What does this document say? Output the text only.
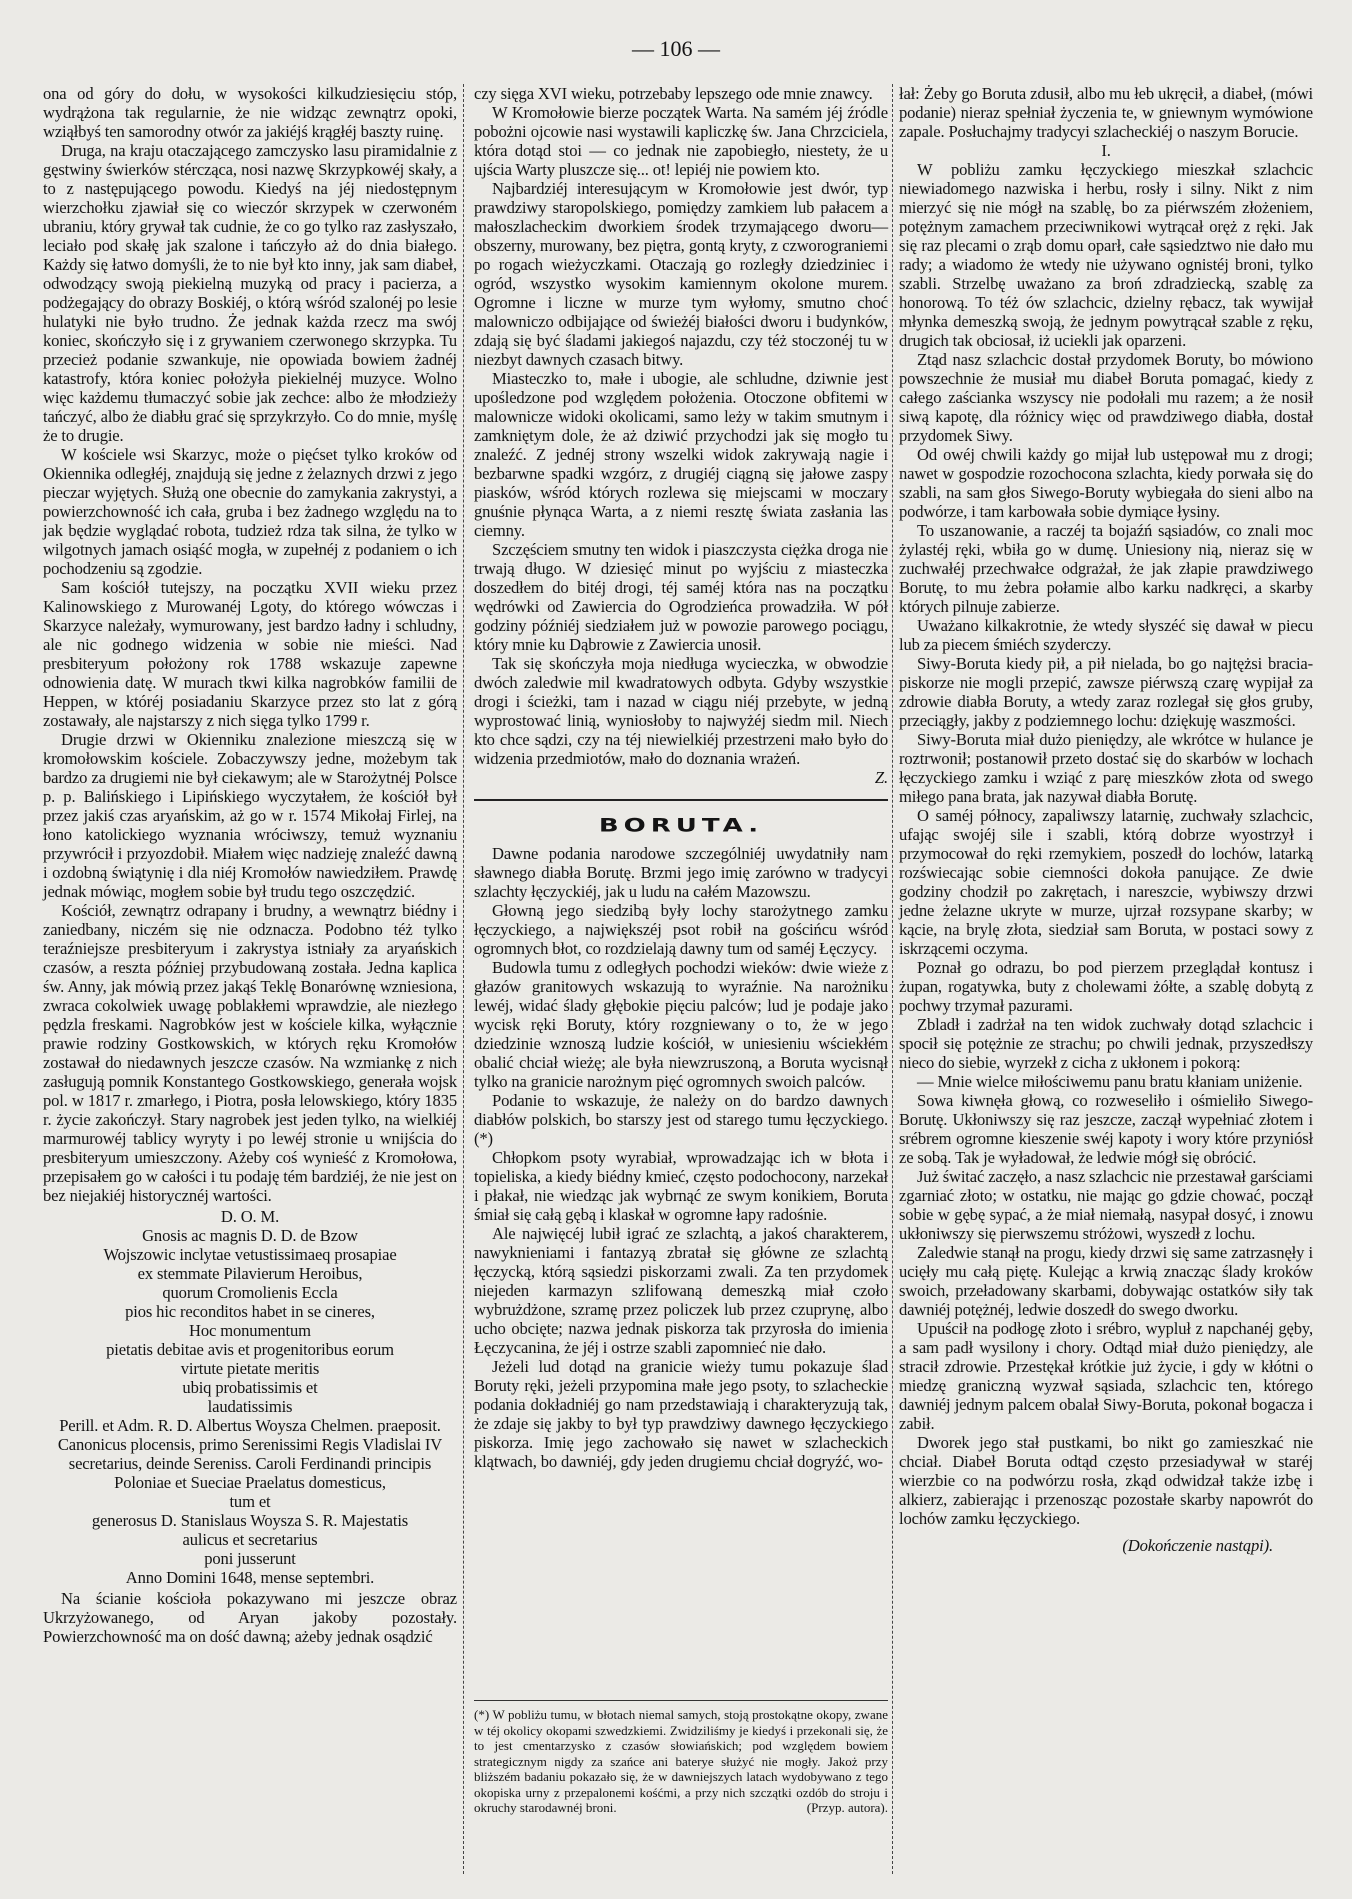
— 106 —

ona od góry do dołu, w wysokości kilkudziesięciu stóp, wydrążona tak regularnie, że nie widząc zewnątrz opoki, wziąłbyś ten samorodny otwór za jakiéjś krągłéj baszty ruinę.

Druga, na kraju otaczającego zamczysko lasu piramidalnie z gęstwiny świerków stércząca, nosi nazwę Skrzypkowéj skały, a to z następującego powodu. Kiedyś na jéj niedostępnym wierzchołku zjawiał się co wieczór skrzypek w czerwoném ubraniu, który grywał tak cudnie, że co go tylko raz zasłyszało, leciało pod skałę jak szalone i tańczyło aż do dnia białego. Każdy się łatwo domyśli, że to nie był kto inny, jak sam diabeł, odwodzący swoją piekielną muzyką od pracy i pacierza, a podżegający do obrazy Boskiéj, o którą wśród szalonéj po lesie hulatyki nie było trudno. Że jednak każda rzecz ma swój koniec, skończyło się i z grywaniem czerwonego skrzypka. Tu przecież podanie szwankuje, nie opowiada bowiem żadnéj katastrofy, która koniec położyła piekielnéj muzyce. Wolno więc każdemu tłumaczyć sobie jak zechce: albo że młodzieży tańczyć, albo że diabłu grać się sprzykrzyło. Co do mnie, myślę że to drugie.

W kościele wsi Skarzyc, może o pięćset tylko kroków od Okiennika odległéj, znajdują się jedne z żelaznych drzwi z jego pieczar wyjętych. Służą one obecnie do zamykania zakrystyi, a powierzchowność ich cała, gruba i bez żadnego względu na to jak będzie wyglądać robota, tudzież rdza tak silna, że tylko w wilgotnych jamach osiąść mogła, w zupełnéj z podaniem o ich pochodzeniu są zgodzie.

Sam kościół tutejszy, na początku XVII wieku przez Kalinowskiego z Murowanéj Lgoty, do którego wówczas i Skarzyce należały, wymurowany, jest bardzo ładny i schludny, ale nic godnego widzenia w sobie nie mieści. Nad presbiteryum położony rok 1788 wskazuje zapewne odnowienia datę. W murach tkwi kilka nagrobków familii de Heppen, w któréj posiadaniu Skarzyce przez sto lat z górą zostawały, ale najstarszy z nich sięga tylko 1799 r.

Drugie drzwi w Okienniku znalezione mieszczą się w kromołowskim kościele. Zobaczywszy jedne, możebym tak bardzo za drugiemi nie był ciekawym; ale w Starożytnéj Polsce p. p. Balińskiego i Lipińskiego wyczytałem, że kościół był przez jakiś czas aryańskim, aż go w r. 1574 Mikołaj Firlej, na łono katolickiego wyznania wróciwszy, temuż wyznaniu przywrócił i przyozdobił. Miałem więc nadzieję znaleźć dawną i ozdobną świątynię i dla niéj Kromołów nawiedziłem. Prawdę jednak mówiąc, mogłem sobie był trudu tego oszczędzić.

Kościół, zewnątrz odrapany i brudny, a wewnątrz biédny i zaniedbany, niczém się nie odznacza. Podobno téż tylko teraźniejsze presbiteryum i zakrystya istniały za aryańskich czasów, a reszta później przybudowaną została. Jedna kaplica św. Anny, jak mówią przez jakąś Teklę Bonarównę wzniesiona, zwraca cokolwiek uwagę poblakłemi wprawdzie, ale niezłego pędzla freskami. Nagrobków jest w kościele kilka, wyłącznie prawie rodziny Gostkowskich, w których ręku Kromołów zostawał do niedawnych jeszcze czasów. Na wzmiankę z nich zasługują pomnik Konstantego Gostkowskiego, generała wojsk pol. w 1817 r. zmarłego, i Piotra, posła lelowskiego, który 1835 r. życie zakończył. Stary nagrobek jest jeden tylko, na wielkiéj marmurowéj tablicy wyryty i po lewéj stronie u wnijścia do presbiteryum umieszczony. Ażeby coś wynieść z Kromołowa, przepisałem go w całości i tu podaję tém bardziéj, że nie jest on bez niejakiéj historycznéj wartości.

D. O. M.

Gnosis ac magnis D. D. de Bzow

Wojszowic inclytae vetustissimaeq prosapiae

ex stemmate Pilavierum Heroibus,

quorum Cromolienis Eccla

pios hic reconditos habet in se cineres,

Hoc monumentum

pietatis debitae avis et progenitoribus eorum

virtute pietate meritis

ubiq probatissimis et

laudatissimis

Perill. et Adm. R. D. Albertus Woysza Chelmen. praeposit.

Canonicus plocensis, primo Serenissimi Regis Vladislai IV

secretarius, deinde Sereniss. Caroli Ferdinandi principis

Poloniae et Sueciae Praelatus domesticus,

tum et

generosus D. Stanislaus Woysza S. R. Majestatis

aulicus et secretarius

poni jusserunt

Anno Domini 1648, mense septembri.

Na ścianie kościoła pokazywano mi jeszcze obraz Ukrzyżowanego, od Aryan jakoby pozostały. Powierzchowność ma on dość dawną; ażeby jednak osądzić

czy sięga XVI wieku, potrzebaby lepszego ode mnie znawcy.

W Kromołowie bierze początek Warta. Na samém jéj źródle pobożni ojcowie nasi wystawili kapliczkę św. Jana Chrzciciela, która dotąd stoi — co jednak nie zapobiegło, niestety, że u ujścia Warty pluszcze się... ot! lepiéj nie powiem kto.

Najbardziéj interesującym w Kromołowie jest dwór, typ prawdziwy staropolskiego, pomiędzy zamkiem lub pałacem a małoszlacheckim dworkiem środek trzymającego dworu—obszerny, murowany, bez piętra, gontą kryty, z czworograniemi po rogach wieżyczkami. Otaczają go rozległy dziedziniec i ogród, wszystko wysokim kamiennym okolone murem. Ogromne i liczne w murze tym wyłomy, smutno choć malowniczo odbijające od świeżéj białości dworu i budynków, zdają się być śladami jakiegoś najazdu, czy téż stoczonéj tu w niezbyt dawnych czasach bitwy.

Miasteczko to, małe i ubogie, ale schludne, dziwnie jest upośledzone pod względem położenia. Otoczone obfitemi w malownicze widoki okolicami, samo leży w takim smutnym i zamkniętym dole, że aż dziwić przychodzi jak się mogło tu znaleźć. Z jednéj strony wszelki widok zakrywają nagie i bezbarwne spadki wzgórz, z drugiéj ciągną się jałowe zaspy piasków, wśród których rozlewa się miejscami w moczary gnuśnie płynąca Warta, a z niemi resztę świata zasłania las ciemny.

Szczęściem smutny ten widok i piaszczysta ciężka droga nie trwają długo. W dziesięć minut po wyjściu z miasteczka doszedłem do bitéj drogi, téj saméj która nas na początku wędrówki od Zawiercia do Ogrodzieńca prowadziła. W pół godziny późniéj siedziałem już w powozie parowego pociągu, który mnie ku Dąbrowie z Zawiercia unosił.

Tak się skończyła moja niedługa wycieczka, w obwodzie dwóch zaledwie mil kwadratowych odbyta. Gdyby wszystkie drogi i ścieżki, tam i nazad w ciągu niéj przebyte, w jedną wyprostować linią, wyniosłoby to najwyżéj siedm mil. Niech kto chce sądzi, czy na téj niewielkiéj przestrzeni mało było do widzenia przedmiotów, mało do doznania wrażeń.

Z.

BORUTA.

Dawne podania narodowe szczególniéj uwydatniły nam sławnego diabła Borutę. Brzmi jego imię zarówno w tradycyi szlachty łęczyckiéj, jak u ludu na całém Mazowszu.

Głowną jego siedzibą były lochy starożytnego zamku łęczyckiego, a największéj psot robił na gościńcu wśród ogromnych błot, co rozdzielają dawny tum od saméj Łęczycy.

Budowla tumu z odległych pochodzi wieków: dwie wieże z głazów granitowych wskazują to wyraźnie. Na narożniku lewéj, widać ślady głębokie pięciu palców; lud je podaje jako wycisk ręki Boruty, który rozgniewany o to, że w jego dziedzinie wznoszą ludzie kościół, w uniesieniu wściekłém obalić chciał wieżę; ale była niewzruszoną, a Boruta wycisnął tylko na granicie narożnym pięć ogromnych swoich palców.

Podanie to wskazuje, że należy on do bardzo dawnych diabłów polskich, bo starszy jest od starego tumu łęczyckiego.(*)

Chłopkom psoty wyrabiał, wprowadzając ich w błota i topieliska, a kiedy biédny kmieć, często podochocony, narzekał i płakał, nie wiedząc jak wybrnąć ze swym konikiem, Boruta śmiał się całą gębą i klaskał w ogromne łapy radośnie.

Ale najwięcéj lubił igrać ze szlachtą, a jakoś charakterem, nawyknieniami i fantazyą zbratał się główne ze szlachtą łęczycką, którą sąsiedzi piskorzami zwali. Za ten przydomek niejeden karmazyn szlifowaną demeszką miał czoło wybrużdżone, szramę przez policzek lub przez czuprynę, albo ucho obcięte; nazwa jednak piskorza tak przyrosła do imienia Łęczycanina, że jéj i ostrze szabli zapomnieć nie dało.

Jeżeli lud dotąd na granicie wieży tumu pokazuje ślad Boruty ręki, jeżeli przypomina małe jego psoty, to szlacheckie podania dokładniéj go nam przedstawiają i charakteryzują tak, że zdaje się jakby to był typ prawdziwy dawnego łęczyckiego piskorza. Imię jego zachowało się nawet w szlacheckich klątwach, bo dawniéj, gdy jeden drugiemu chciał dogryźć, wo-

(*) W pobliżu tumu, w błotach niemal samych, stoją prostokątne okopy, zwane w téj okolicy okopami szwedzkiemi. Zwidziliśmy je kiedyś i przekonali się, że to jest cmentarzysko z czasów słowiańskich; pod względem bowiem strategicznym nigdy za szańce ani baterye służyć nie mogły. Jakoż przy bliższém badaniu pokazało się, że w dawniejszych latach wydobywano z tego okopiska urny z przepalonemi kośćmi, a przy nich szczątki ozdób do stroju i okruchy starodawnéj broni.	(Przyp. autora).

łał: Żeby go Boruta zdusił, albo mu łeb ukręcił, a diabeł, (mówi podanie) nieraz spełniał życzenia te, w gniewnym wymówione zapale. Posłuchajmy tradycyi szlacheckiéj o naszym Borucie.

I.

W pobliżu zamku łęczyckiego mieszkał szlachcic niewiadomego nazwiska i herbu, rosły i silny. Nikt z nim mierzyć się nie mógł na szablę, bo za piérwszém złożeniem, potężnym zamachem przeciwnikowi wytrącał oręż z ręki. Jak się raz plecami o zrąb domu oparł, całe sąsiedztwo nie dało mu rady; a wiadomo że wtedy nie używano ognistéj broni, tylko szabli. Strzelbę uważano za broń zdradziecką, szablę za honorową. To téż ów szlachcic, dzielny rębacz, tak wywijał młynka demeszką swoją, że jednym powytrącał szable z ręku, drugich tak obciosał, iż uciekli jak oparzeni.

Ztąd nasz szlachcic dostał przydomek Boruty, bo mówiono powszechnie że musiał mu diabeł Boruta pomagać, kiedy z całego zaścianka wszyscy nie podołali mu razem; a że nosił siwą kapotę, dla różnicy więc od prawdziwego diabła, dostał przydomek Siwy.

Od owéj chwili każdy go mijał lub ustępował mu z drogi; nawet w gospodzie rozochocona szlachta, kiedy porwała się do szabli, na sam głos Siwego-Boruty wybiegała do sieni albo na podwórze, i tam karbowała sobie dymiące łysiny.

To uszanowanie, a raczéj ta bojaźń sąsiadów, co znali moc żylastéj ręki, wbiła go w dumę. Uniesiony nią, nieraz się w zuchwałéj przechwałce odgrażał, że jak złapie prawdziwego Borutę, to mu żebra połamie albo karku nadkręci, a skarby których pilnuje zabierze.

Uważano kilkakrotnie, że wtedy słyszéć się dawał w piecu lub za piecem śmiéch szyderczy.

Siwy-Boruta kiedy pił, a pił nielada, bo go najtężsi bracia-piskorze nie mogli przepić, zawsze piérwszą czarę wypijał za zdrowie diabła Boruty, a wtedy zaraz rozlegał się głos gruby, przeciągły, jakby z podziemnego lochu: dziękuję waszmości.

Siwy-Boruta miał dużo pieniędzy, ale wkrótce w hulance je roztrwonił; postanowił przeto dostać się do skarbów w lochach łęczyckiego zamku i wziąć z parę mieszków złota od swego miłego pana brata, jak nazywał diabła Borutę.

O saméj północy, zapaliwszy latarnię, zuchwały szlachcic, ufając swojéj sile i szabli, którą dobrze wyostrzył i przymocował do ręki rzemykiem, poszedł do lochów, latarką rozświecając sobie ciemności dokoła panujące. Ze dwie godziny chodził po zakrętach, i nareszcie, wybiwszy drzwi jedne żelazne ukryte w murze, ujrzał rozsypane skarby; w kącie, na brylę złota, siedział sam Boruta, w postaci sowy z iskrzącemi oczyma.

Poznał go odrazu, bo pod pierzem przeglądał kontusz i żupan, rogatywka, buty z cholewami żółte, a szablę dobytą z pochwy trzymał pazurami.

Zbladł i zadrżał na ten widok zuchwały dotąd szlachcic i spocił się potężnie ze strachu; po chwili jednak, przyszedłszy nieco do siebie, wyrzekł z cicha z ukłonem i pokorą:

— Mnie wielce miłościwemu panu bratu kłaniam uniżenie.

Sowa kiwnęła głową, co rozweseliło i ośmieliło Siwego-Borutę. Ukłoniwszy się raz jeszcze, zaczął wypełniać złotem i srébrem ogromne kieszenie swéj kapoty i wory które przyniósł ze sobą. Tak je wyładował, że ledwie mógł się obrócić.

Już świtać zaczęło, a nasz szlachcic nie przestawał garściami zgarniać złoto; w ostatku, nie mając go gdzie chować, począł sobie w gębę sypać, a że miał niemałą, nasypał dosyć, i znowu ukłoniwszy się pierwszemu stróżowi, wyszedł z lochu.

Zaledwie stanął na progu, kiedy drzwi się same zatrzasnęły i ucięły mu całą piętę. Kulejąc a krwią znacząc ślady kroków swoich, przeładowany skarbami, dobywając ostatków siły tak dawniéj potężnéj, ledwie doszedł do swego dworku.

Upuścił na podłogę złoto i srébro, wypluł z napchanéj gęby, a sam padł wysilony i chory. Odtąd miał dużo pieniędzy, ale stracił zdrowie. Przestękał krótkie już życie, i gdy w kłótni o miedzę graniczną wyzwał sąsiada, szlachcic ten, którego dawniéj jednym palcem obalał Siwy-Boruta, pokonał bogacza i zabił.

Dworek jego stał pustkami, bo nikt go zamieszkać nie chciał. Diabeł Boruta odtąd często przesiadywał w staréj wierzbie co na podwórzu rosła, zkąd odwidzał także izbę i alkierz, zabierając i przenosząc pozostałe skarby napowrót do lochów zamku łęczyckiego.

(Dokończenie nastąpi).
